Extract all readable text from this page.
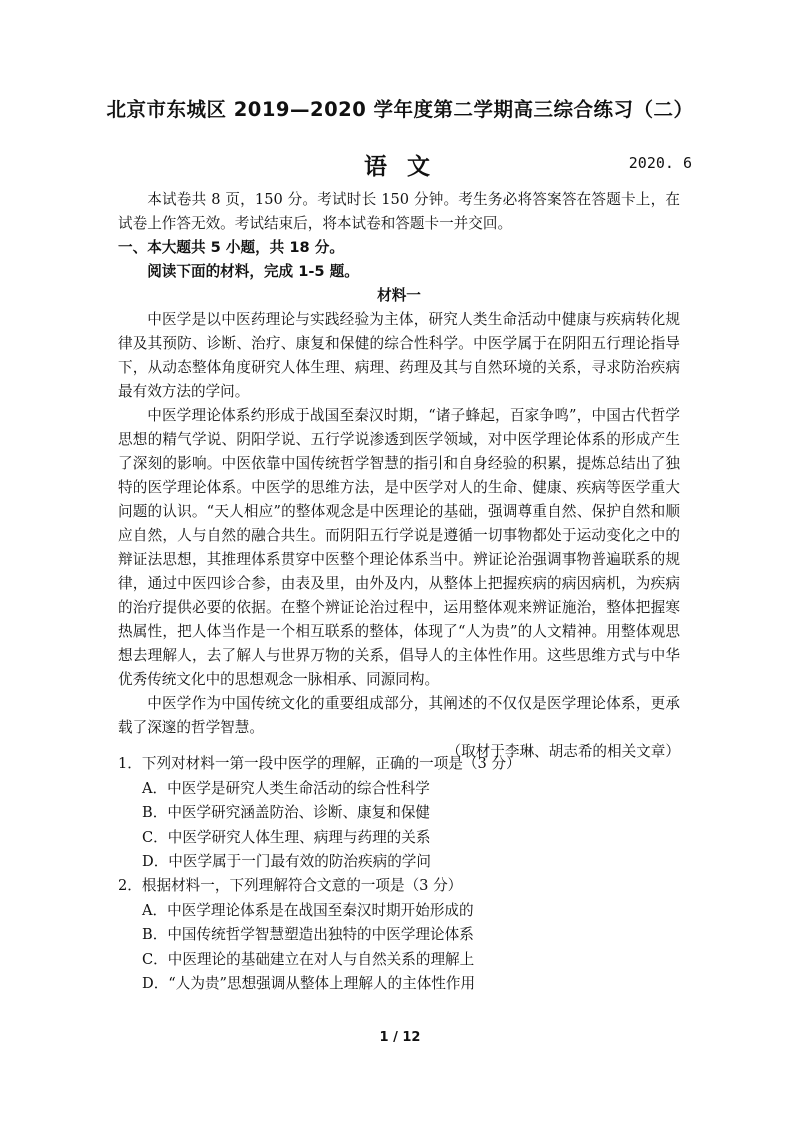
北京市东城区 2019—2020 学年度第二学期高三综合练习（二）
语 文	2020. 6

本试卷共 8 页，150 分。考试时长 150 分钟。考生务必将答案答在答题卡上，在试卷上作答无效。考试结束后，将本试卷和答题卡一并交回。

一、本大题共 5 小题，共 18 分。

阅读下面的材料，完成 1-5 题。

材料一

中医学是以中医药理论与实践经验为主体，研究人类生命活动中健康与疾病转化规律及其预防、诊断、治疗、康复和保健的综合性科学。中医学属于在阴阳五行理论指导下，从动态整体角度研究人体生理、病理、药理及其与自然环境的关系，寻求防治疾病最有效方法的学问。

中医学理论体系约形成于战国至秦汉时期，“诸子蜂起，百家争鸣”，中国古代哲学思想的精气学说、阴阳学说、五行学说渗透到医学领域，对中医学理论体系的形成产生了深刻的影响。中医依靠中国传统哲学智慧的指引和自身经验的积累，提炼总结出了独特的医学理论体系。中医学的思维方法，是中医学对人的生命、健康、疾病等医学重大问题的认识。“天人相应”的整体观念是中医理论的基础，强调尊重自然、保护自然和顺应自然，人与自然的融合共生。而阴阳五行学说是遵循一切事物都处于运动变化之中的辩证法思想，其推理体系贯穿中医整个理论体系当中。辨证论治强调事物普遍联系的规律，通过中医四诊合参，由表及里，由外及内，从整体上把握疾病的病因病机，为疾病的治疗提供必要的依据。在整个辨证论治过程中，运用整体观来辨证施治，整体把握寒热属性，把人体当作是一个相互联系的整体，体现了“人为贵”的人文精神。用整体观思想去理解人，去了解人与世界万物的关系，倡导人的主体性作用。这些思维方式与中华优秀传统文化中的思想观念一脉相承、同源同构。

中医学作为中国传统文化的重要组成部分，其阐述的不仅仅是医学理论体系，更承载了深邃的哲学智慧。

（取材于李琳、胡志希的相关文章）

1．下列对材料一第一段中医学的理解，正确的一项是（3 分）

A．中医学是研究人类生命活动的综合性科学

B．中医学研究涵盖防治、诊断、康复和保健

C．中医学研究人体生理、病理与药理的关系

D．中医学属于一门最有效的防治疾病的学问

2．根据材料一，下列理解符合文意的一项是（3 分）

A．中医学理论体系是在战国至秦汉时期开始形成的

B．中国传统哲学智慧塑造出独特的中医学理论体系

C．中医理论的基础建立在对人与自然关系的理解上

D．“人为贵”思想强调从整体上理解人的主体性作用

1 / 12
